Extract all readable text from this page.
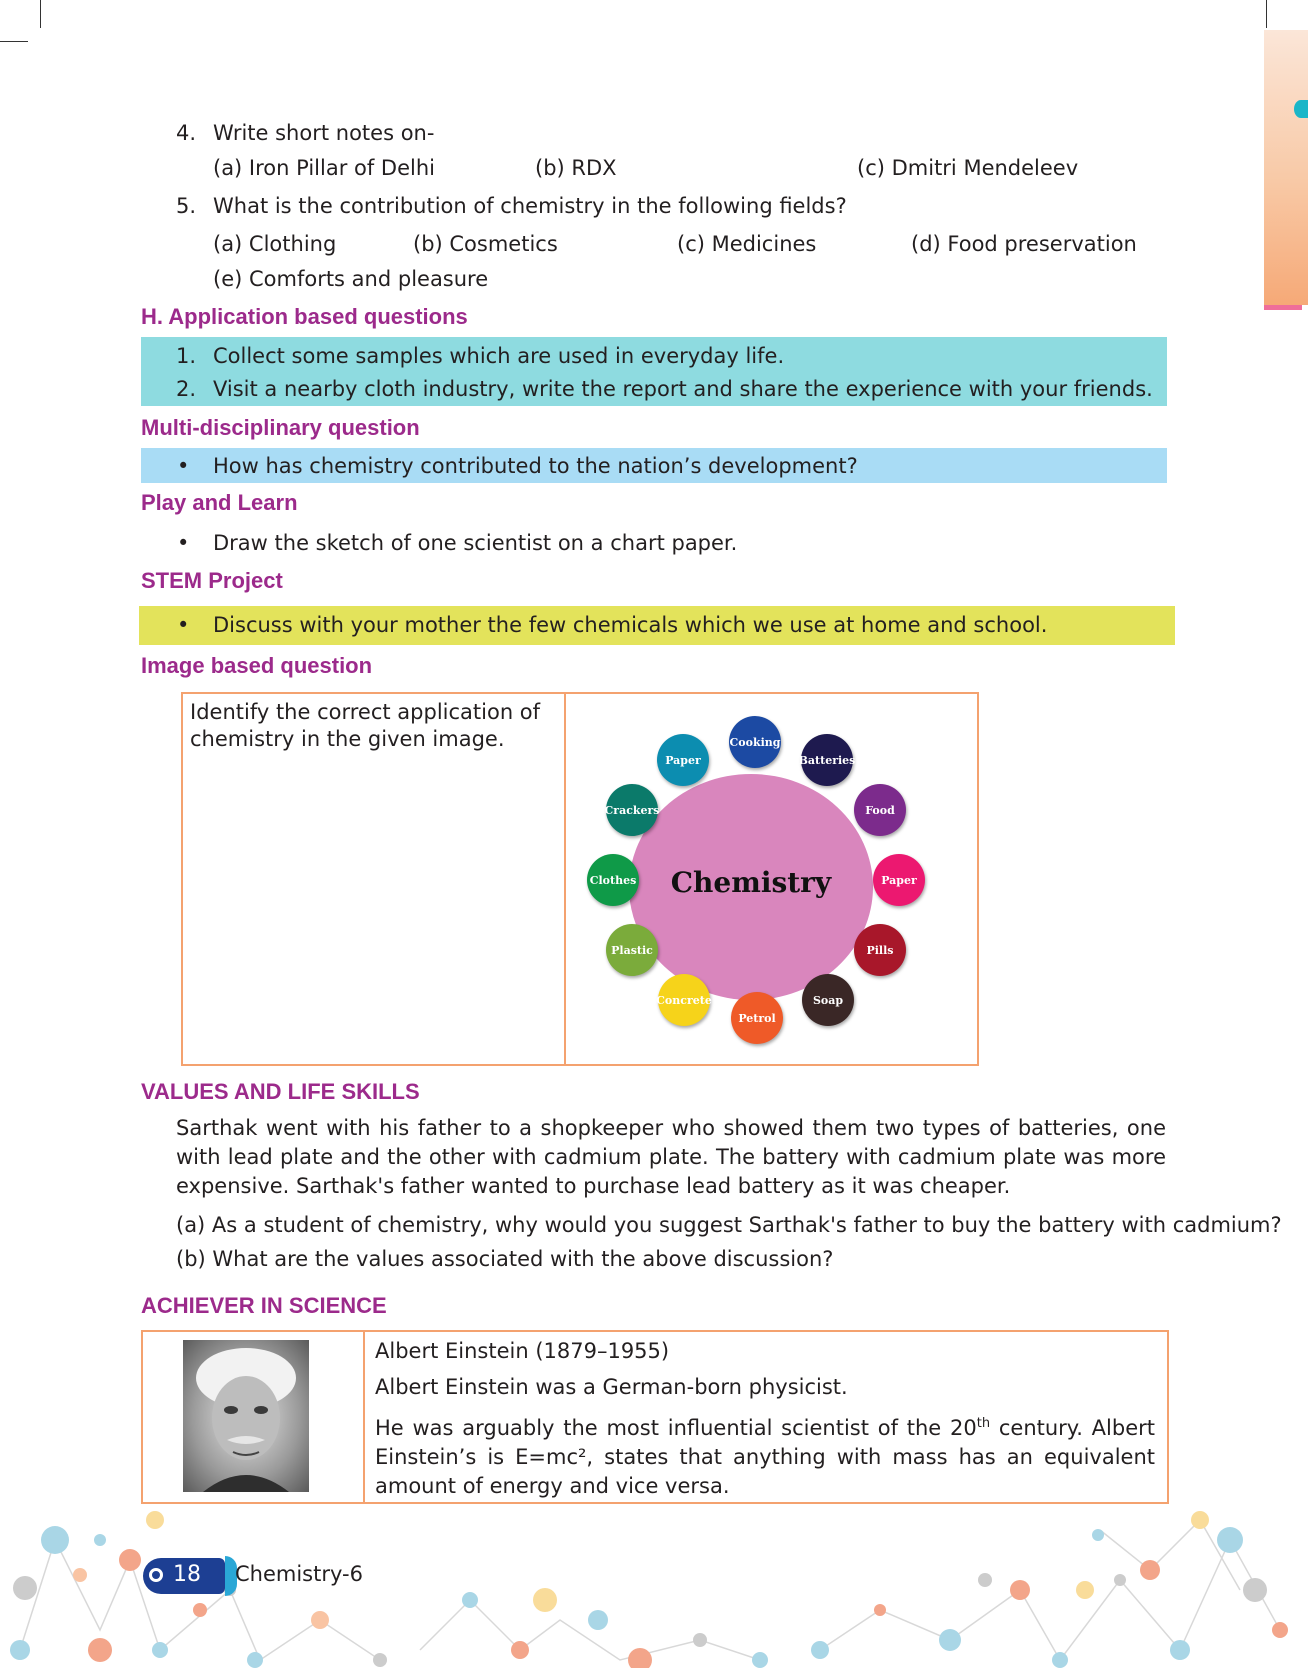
4. Write short notes on-
(a) Iron Pillar of Delhi	(b) RDX	(c) Dmitri Mendeleev
5. What is the contribution of chemistry in the following fields?
(a) Clothing	(b) Cosmetics	(c) Medicines	(d) Food preservation
(e) Comforts and pleasure
H. Application based questions
1. Collect some samples which are used in everyday life.
2. Visit a nearby cloth industry, write the report and share the experience with your friends.
Multi-disciplinary question
• How has chemistry contributed to the nation’s development?
Play and Learn
• Draw the sketch of one scientist on a chart paper.
STEM Project
• Discuss with your mother the few chemicals which we use at home and school.
Image based question
Identify the correct application of
chemistry in the given image.
Chemistry
Cooking
Batteries
Food
Paper
Pills
Soap
Petrol
Concrete
Plastic
Clothes
Crackers
Paper
VALUES AND LIFE SKILLS
Sarthak went with his father to a shopkeeper who showed them two types of batteries, one with lead plate and the other with cadmium plate. The battery with cadmium plate was more expensive. Sarthak's father wanted to purchase lead battery as it was cheaper.
(a) As a student of chemistry, why would you suggest Sarthak's father to buy the battery with cadmium?
(b) What are the values associated with the above discussion?
ACHIEVER IN SCIENCE
Albert Einstein (1879–1955)
Albert Einstein was a German-born physicist.
He was arguably the most influential scientist of the 20th century. Albert Einstein’s is E=mc², states that anything with mass has an equivalent amount of energy and vice versa.
18 Chemistry-6
